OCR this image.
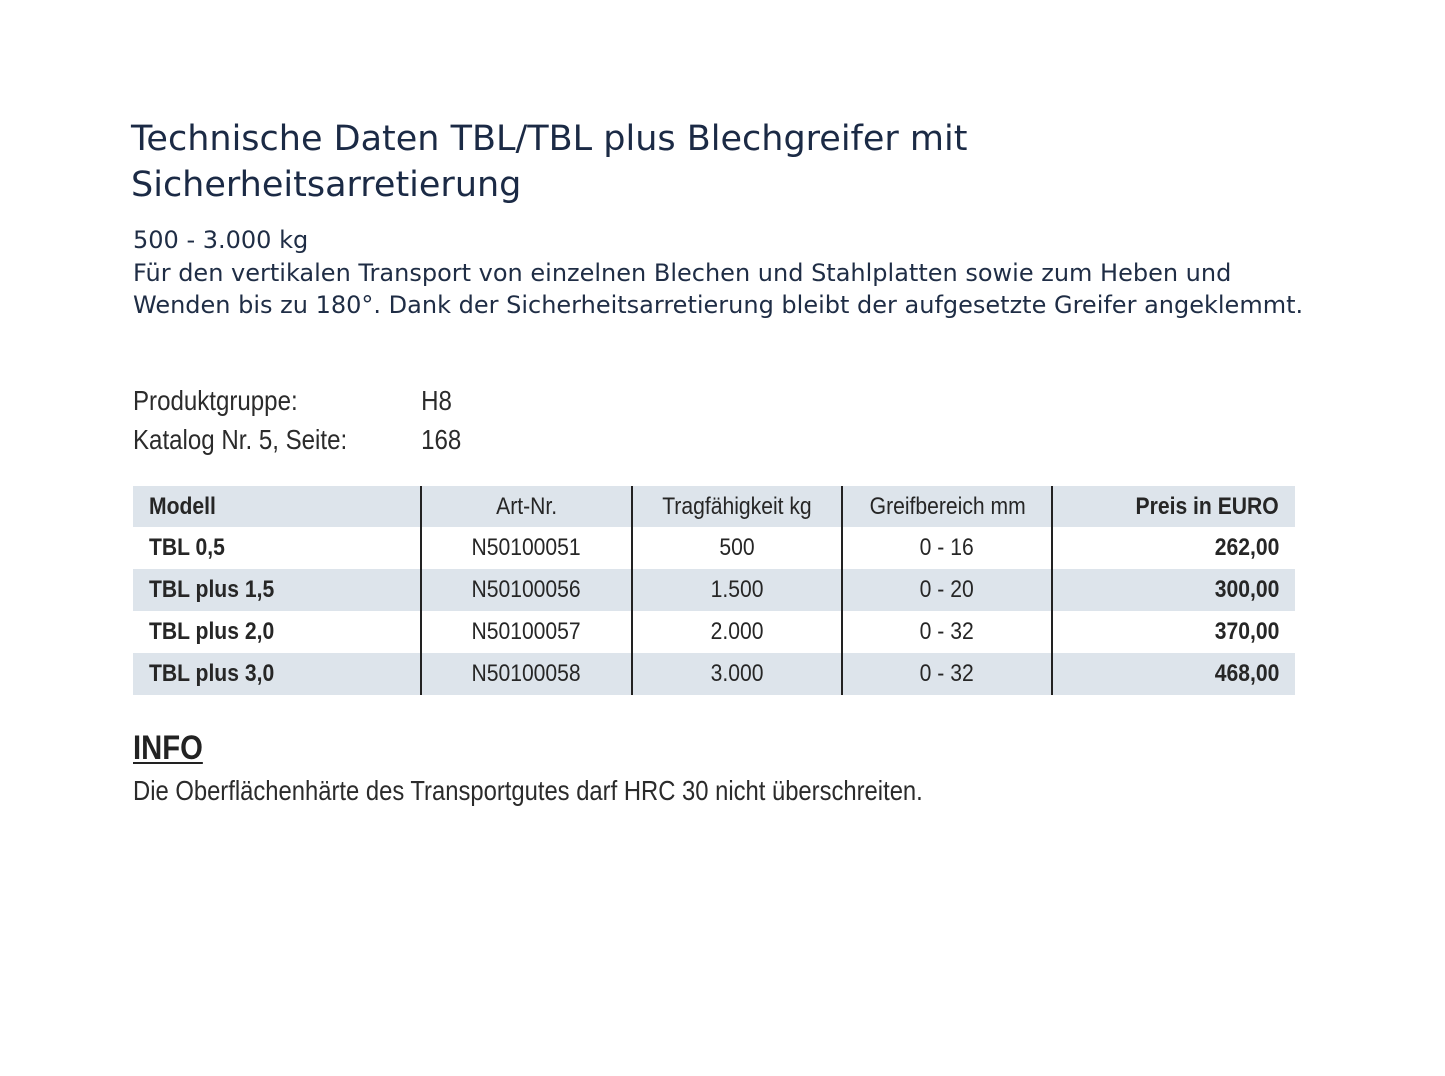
Technische Daten TBL/TBL plus Blechgreifer mit Sicherheitsarretierung
500 - 3.000 kg
Für den vertikalen Transport von einzelnen Blechen und Stahlplatten sowie zum Heben und
Wenden bis zu 180°. Dank der Sicherheitsarretierung bleibt der aufgesetzte Greifer angeklemmt.
Produktgruppe:	H8
Katalog Nr. 5, Seite:	168
Modell	Art-Nr.	Tragfähigkeit kg	Greifbereich mm	Preis in EURO
TBL 0,5	N50100051	500	0 - 16	262,00
TBL plus 1,5	N50100056	1.500	0 - 20	300,00
TBL plus 2,0	N50100057	2.000	0 - 32	370,00
TBL plus 3,0	N50100058	3.000	0 - 32	468,00
INFO
Die Oberflächenhärte des Transportgutes darf HRC 30 nicht überschreiten.
